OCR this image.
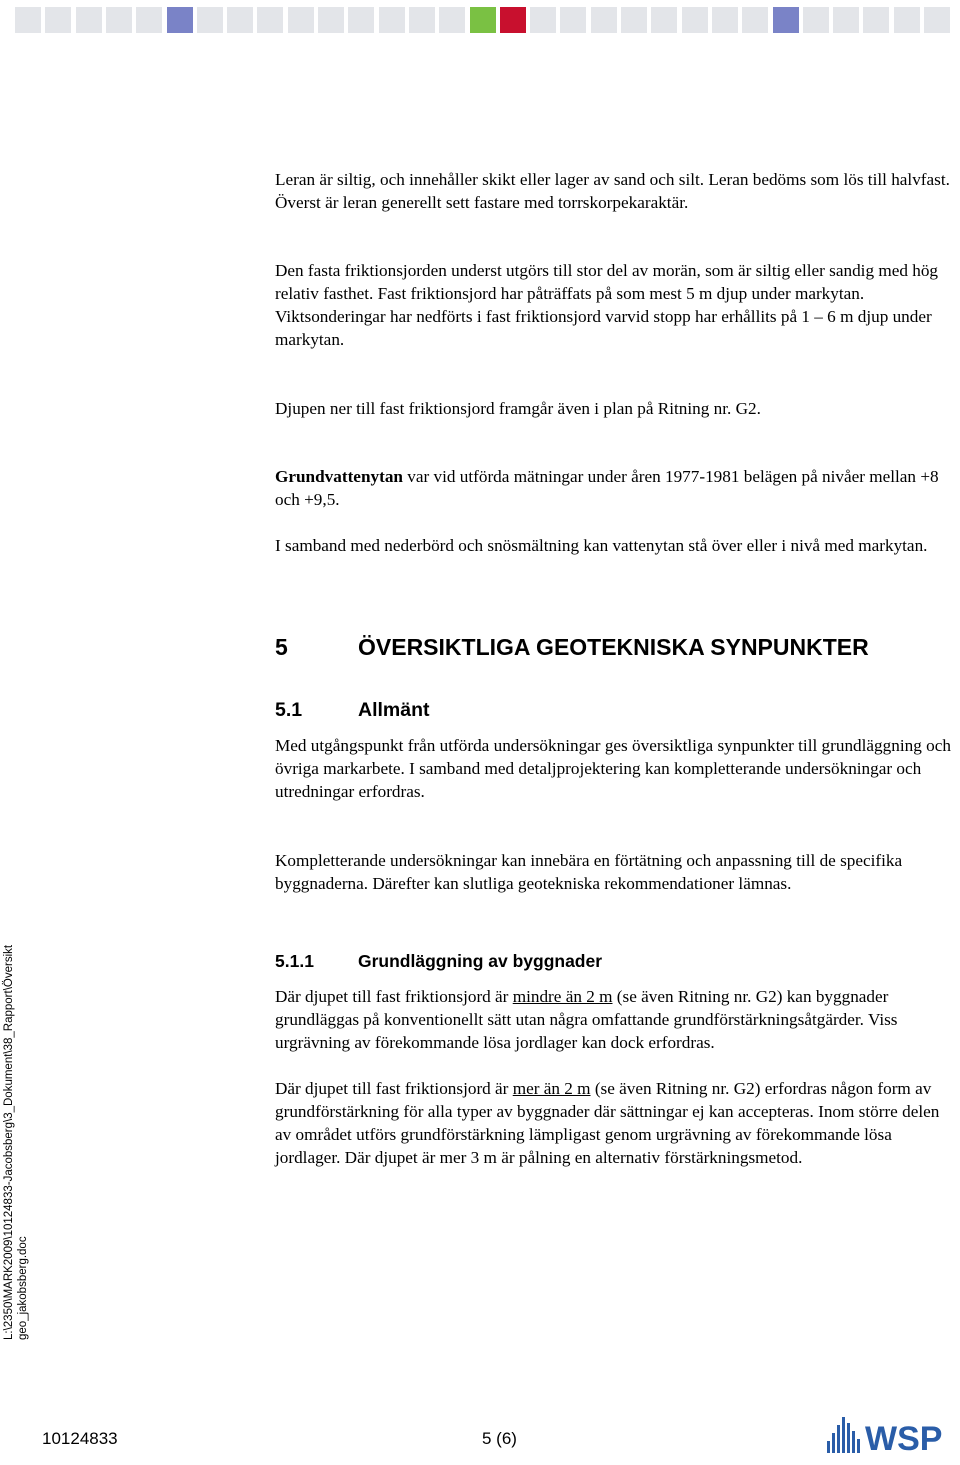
Leran är siltig, och innehåller skikt eller lager av sand och silt. Leran bedöms som lös till halvfast. Överst är leran generellt sett fastare med torrskorpekaraktär.

Den fasta friktionsjorden underst utgörs till stor del av morän, som är siltig eller sandig med hög relativ fasthet. Fast friktionsjord har påträffats på som mest 5 m djup under markytan. Viktsonderingar har nedförts i fast friktionsjord varvid stopp har erhållits på 1 – 6 m djup under markytan.

Djupen ner till fast friktionsjord framgår även i plan på Ritning nr. G2.

Grundvattenytan var vid utförda mätningar under åren 1977-1981 belägen på nivåer mellan +8 och +9,5.

I samband med nederbörd och snösmältning kan vattenytan stå över eller i nivå med markytan.

5	ÖVERSIKTLIGA GEOTEKNISKA SYNPUNKTER
5.1	Allmänt

Med utgångspunkt från utförda undersökningar ges översiktliga synpunkter till grundläggning och övriga markarbete. I samband med detaljprojektering kan kompletterande undersökningar och utredningar erfordras.

Kompletterande undersökningar kan innebära en förtätning och anpassning till de specifika byggnaderna. Därefter kan slutliga geotekniska rekommendationer lämnas.

5.1.1	Grundläggning av byggnader

Där djupet till fast friktionsjord är mindre än 2 m (se även Ritning nr. G2) kan byggnader grundläggas på konventionellt sätt utan några omfattande grundförstärkningsåtgärder. Viss urgrävning av förekommande lösa jordlager kan dock erfordras.

Där djupet till fast friktionsjord är mer än 2 m (se även Ritning nr. G2) erfordras någon form av grundförstärkning för alla typer av byggnader där sättningar ej kan accepteras. Inom större delen av området utförs grundförstärkning lämpligast genom urgrävning av förekommande lösa jordlager. Där djupet är mer 3 m är pålning en alternativ förstärkningsmetod.

L:\2350\MARK2009\10124833-Jacobsberg\3_Dokument\38_Rapport\Översikt geo_jakobsberg.doc
10124833	5 (6)	WSP
